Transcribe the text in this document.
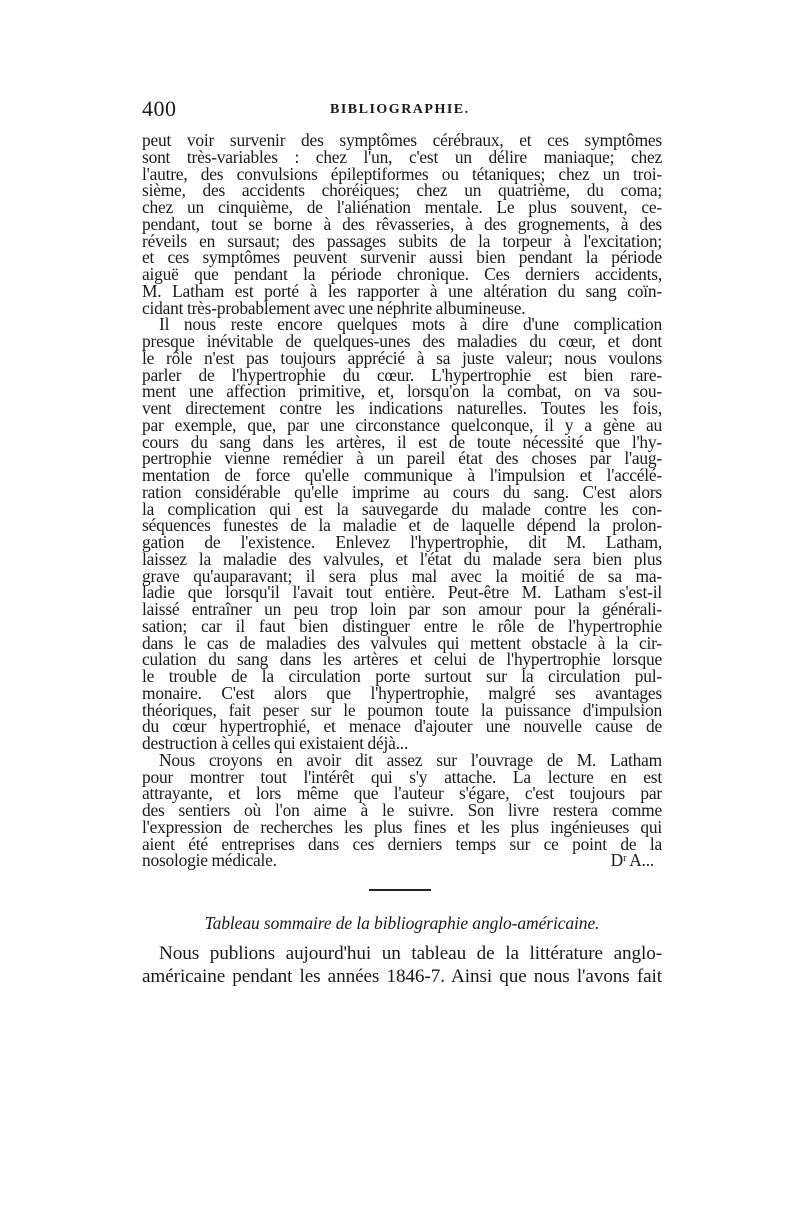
400	BIBLIOGRAPHIE.
peut voir survenir des symptômes cérébraux, et ces symptômes
sont très-variables : chez l'un, c'est un délire maniaque; chez
l'autre, des convulsions épileptiformes ou tétaniques; chez un troi-
sième, des accidents choréiques; chez un quatrième, du coma;
chez un cinquième, de l'aliénation mentale. Le plus souvent, ce-
pendant, tout se borne à des rêvasseries, à des grognements, à des
réveils en sursaut; des passages subits de la torpeur à l'excitation;
et ces symptômes peuvent survenir aussi bien pendant la période
aiguë que pendant la période chronique. Ces derniers accidents,
M. Latham est porté à les rapporter à une altération du sang coïn-
cidant très-probablement avec une néphrite albumineuse.
Il nous reste encore quelques mots à dire d'une complication
presque inévitable de quelques-unes des maladies du cœur, et dont
le rôle n'est pas toujours apprécié à sa juste valeur; nous voulons
parler de l'hypertrophie du cœur. L'hypertrophie est bien rare-
ment une affection primitive, et, lorsqu'on la combat, on va sou-
vent directement contre les indications naturelles. Toutes les fois,
par exemple, que, par une circonstance quelconque, il y a gène au
cours du sang dans les artères, il est de toute nécessité que l'hy-
pertrophie vienne remédier à un pareil état des choses par l'aug-
mentation de force qu'elle communique à l'impulsion et l'accélé-
ration considérable qu'elle imprime au cours du sang. C'est alors
la complication qui est la sauvegarde du malade contre les con-
séquences funestes de la maladie et de laquelle dépend la prolon-
gation de l'existence. Enlevez l'hypertrophie, dit M. Latham,
laissez la maladie des valvules, et l'état du malade sera bien plus
grave qu'auparavant; il sera plus mal avec la moitié de sa ma-
ladie que lorsqu'il l'avait tout entière. Peut-être M. Latham s'est-il
laissé entraîner un peu trop loin par son amour pour la générali-
sation; car il faut bien distinguer entre le rôle de l'hypertrophie
dans le cas de maladies des valvules qui mettent obstacle à la cir-
culation du sang dans les artères et celui de l'hypertrophie lorsque
le trouble de la circulation porte surtout sur la circulation pul-
monaire. C'est alors que l'hypertrophie, malgré ses avantages
théoriques, fait peser sur le poumon toute la puissance d'impulsion
du cœur hypertrophié, et menace d'ajouter une nouvelle cause de
destruction à celles qui existaient déjà...
Nous croyons en avoir dit assez sur l'ouvrage de M. Latham
pour montrer tout l'intérêt qui s'y attache. La lecture en est
attrayante, et lors même que l'auteur s'égare, c'est toujours par
des sentiers où l'on aime à le suivre. Son livre restera comme
l'expression de recherches les plus fines et les plus ingénieuses qui
aient été entreprises dans ces derniers temps sur ce point de la
nosologie médicale.	Dʳ A...
Tableau sommaire de la bibliographie anglo-américaine.
Nous publions aujourd'hui un tableau de la littérature anglo-
américaine pendant les années 1846-7. Ainsi que nous l'avons fait
